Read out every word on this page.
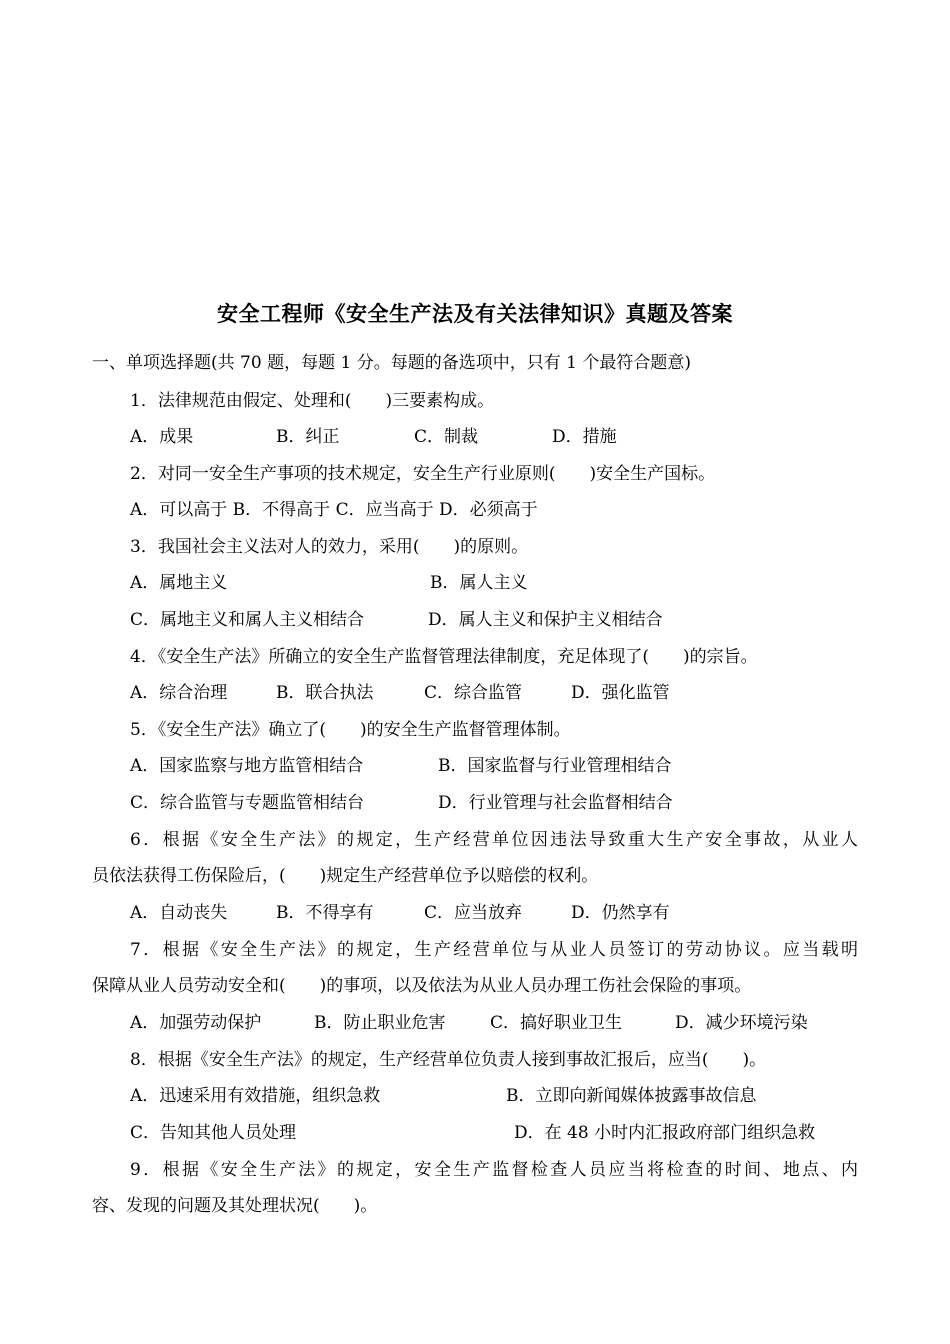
安全工程师《安全生产法及有关法律知识》真题及答案
一、单项选择题(共 70 题，每题 1 分。每题的备选项中，只有 1 个最符合题意)
1．法律规范由假定、处理和(　　)三要素构成。
A．成果	B．纠正	C．制裁	D．措施
2．对同一安全生产事项的技术规定，安全生产行业原则(　　)安全生产国标。
A．可以高于 B．不得高于 C．应当高于 D．必须高于
3．我国社会主义法对人的效力，采用(　　)的原则。
A．属地主义	B．属人主义
C．属地主义和属人主义相结合	D．属人主义和保护主义相结合
4．《安全生产法》所确立的安全生产监督管理法律制度，充足体现了(　　)的宗旨。
A．综合治理	B．联合执法	C．综合监管	D．强化监管
5．《安全生产法》确立了(　　)的安全生产监督管理体制。
A．国家监察与地方监管相结合	B．国家监督与行业管理相结合
C．综合监管与专题监管相结台	D．行业管理与社会监督相结合
6．根据《安全生产法》的规定，生产经营单位因违法导致重大生产安全事故，从业人
员依法获得工伤保险后，(　　)规定生产经营单位予以赔偿的权利。
A．自动丧失	B．不得享有	C．应当放弃	D．仍然享有
7．根据《安全生产法》的规定，生产经营单位与从业人员签订的劳动协议。应当载明
保障从业人员劳动安全和(　　)的事项，以及依法为从业人员办理工伤社会保险的事项。
A．加强劳动保护	B．防止职业危害	C．搞好职业卫生	D．减少环境污染
8．根据《安全生产法》的规定，生产经营单位负责人接到事故汇报后，应当(　　)。
A．迅速采用有效措施，组织急救	B．立即向新闻媒体披露事故信息
C．告知其他人员处理	D．在 48 小时内汇报政府部门组织急救
9．根据《安全生产法》的规定，安全生产监督检查人员应当将检查的时间、地点、内
容、发现的问题及其处理状况(　　)。
